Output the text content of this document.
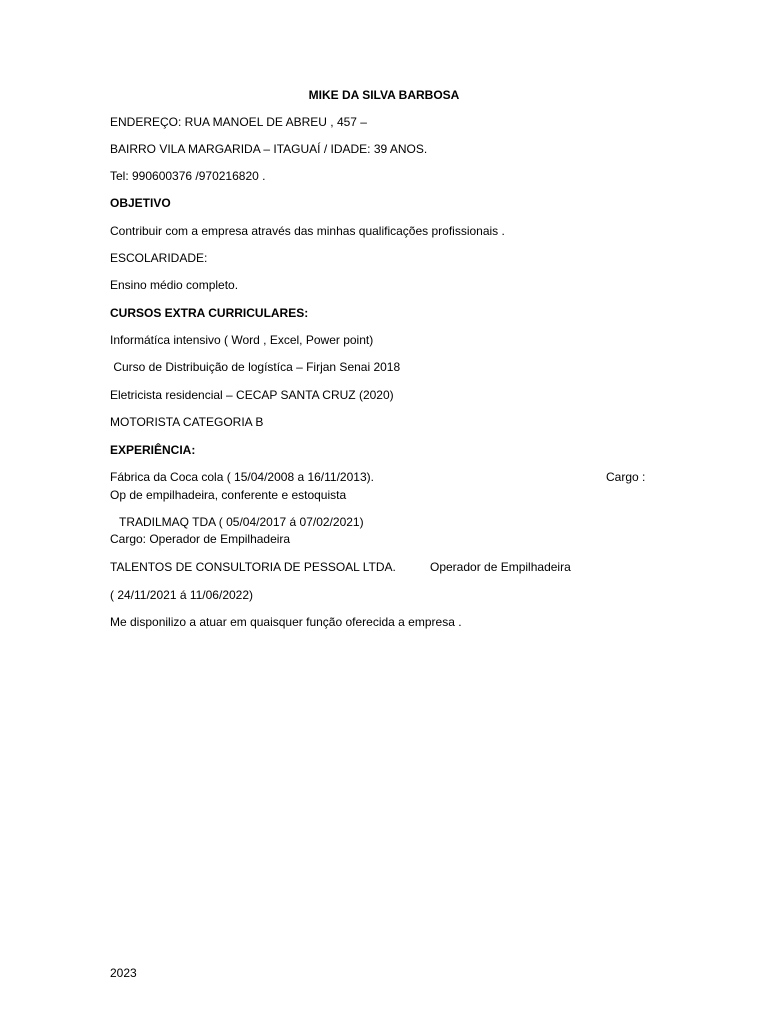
MIKE DA SILVA BARBOSA
ENDEREÇO: RUA MANOEL DE ABREU , 457 –
BAIRRO VILA MARGARIDA – ITAGUAÍ / IDADE: 39 ANOS.
Tel: 990600376 /970216820 .
OBJETIVO
Contribuir com a empresa através das minhas qualificações profissionais .
ESCOLARIDADE:
Ensino médio completo.
CURSOS EXTRA CURRICULARES:
Informátíca intensivo ( Word , Excel, Power point)
Curso de Distribuição de logístíca – Firjan Senai 2018
Eletricista residencial – CECAP SANTA CRUZ (2020)
MOTORISTA CATEGORIA B
EXPERIÊNCIA:
Fábrica da Coca cola ( 15/04/2008 a 16/11/2013).	Cargo :
Op de empilhadeira, conferente e estoquista
TRADILMAQ TDA ( 05/04/2017 á 07/02/2021)
Cargo: Operador de Empilhadeira
TALENTOS DE CONSULTORIA DE PESSOAL LTDA.	Operador de Empilhadeira
( 24/11/2021 á 11/06/2022)
Me disponilizo a atuar em quaisquer função oferecida a empresa .
2023
